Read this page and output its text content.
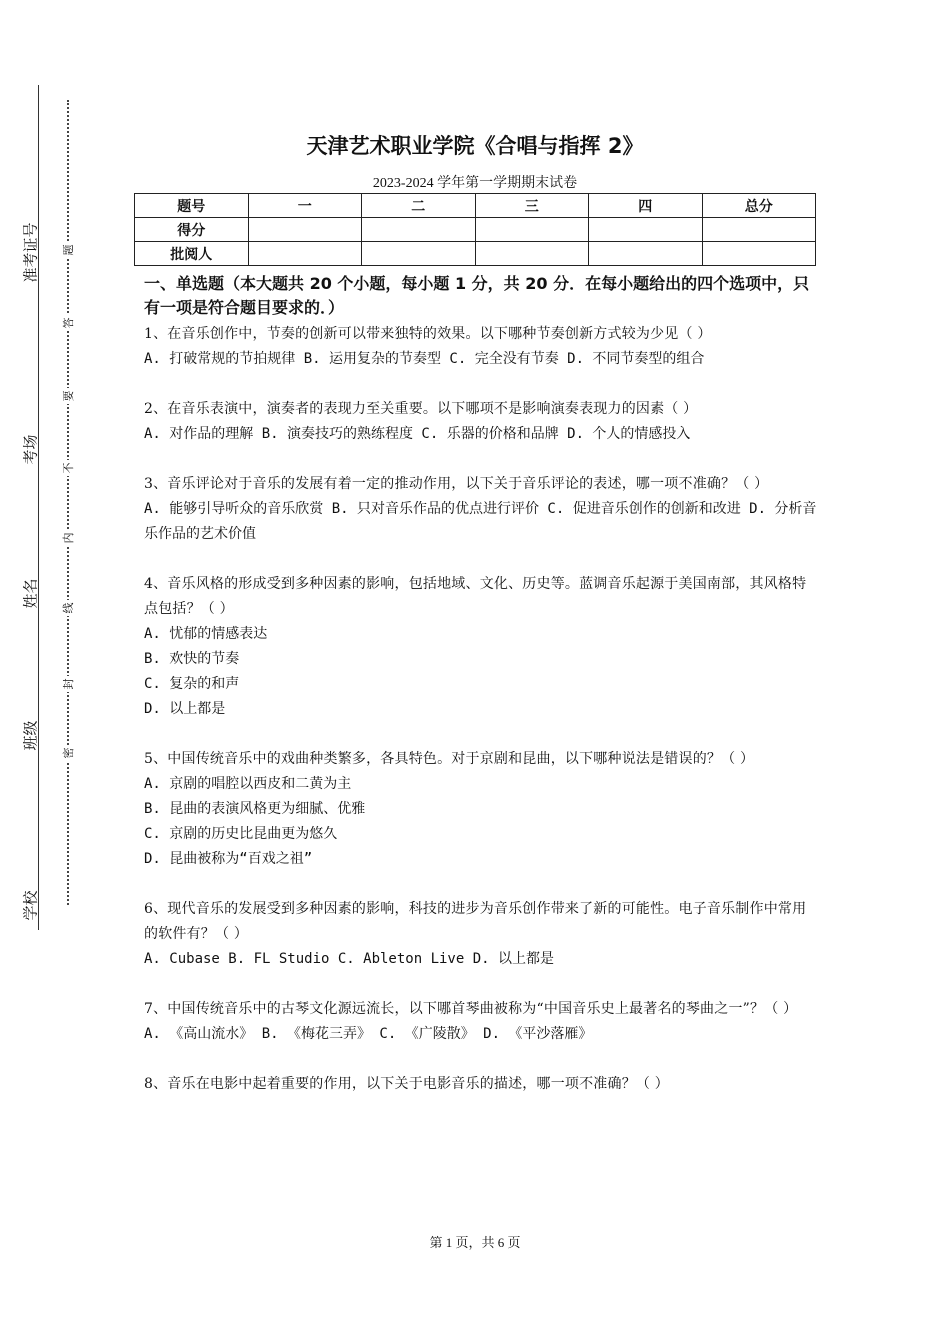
准考证号
考场
姓名
班级
学校
密
封
线
内
不
要
答
题
天津艺术职业学院《合唱与指挥 2》
2023-2024 学年第一学期期末试卷
题号	一	二	三	四	总分
得分					
批阅人					
一、单选题（本大题共 20 个小题，每小题 1 分，共 20 分．在每小题给出的四个选项中，只有一项是符合题目要求的．）
1、在音乐创作中，节奏的创新可以带来独特的效果。以下哪种节奏创新方式较为少见（ ）
A. 打破常规的节拍规律 B. 运用复杂的节奏型 C. 完全没有节奏 D. 不同节奏型的组合
2、在音乐表演中，演奏者的表现力至关重要。以下哪项不是影响演奏表现力的因素（ ）
A. 对作品的理解 B. 演奏技巧的熟练程度 C. 乐器的价格和品牌 D. 个人的情感投入
3、音乐评论对于音乐的发展有着一定的推动作用，以下关于音乐评论的表述，哪一项不准确？（ ）
A. 能够引导听众的音乐欣赏 B. 只对音乐作品的优点进行评价 C. 促进音乐创作的创新和改进 D. 分析音乐作品的艺术价值
4、音乐风格的形成受到多种因素的影响，包括地域、文化、历史等。蓝调音乐起源于美国南部，其风格特点包括？（ ）
A. 忧郁的情感表达
B. 欢快的节奏
C. 复杂的和声
D. 以上都是
5、中国传统音乐中的戏曲种类繁多，各具特色。对于京剧和昆曲，以下哪种说法是错误的？（ ）
A. 京剧的唱腔以西皮和二黄为主
B. 昆曲的表演风格更为细腻、优雅
C. 京剧的历史比昆曲更为悠久
D. 昆曲被称为“百戏之祖”
6、现代音乐的发展受到多种因素的影响，科技的进步为音乐创作带来了新的可能性。电子音乐制作中常用的软件有？（ ）
A. Cubase B. FL Studio C. Ableton Live D. 以上都是
7、中国传统音乐中的古琴文化源远流长，以下哪首琴曲被称为“中国音乐史上最著名的琴曲之一”？（ ）
A. 《高山流水》 B. 《梅花三弄》 C. 《广陵散》 D. 《平沙落雁》
8、音乐在电影中起着重要的作用，以下关于电影音乐的描述，哪一项不准确？（ ）
第 1 页，共 6 页
